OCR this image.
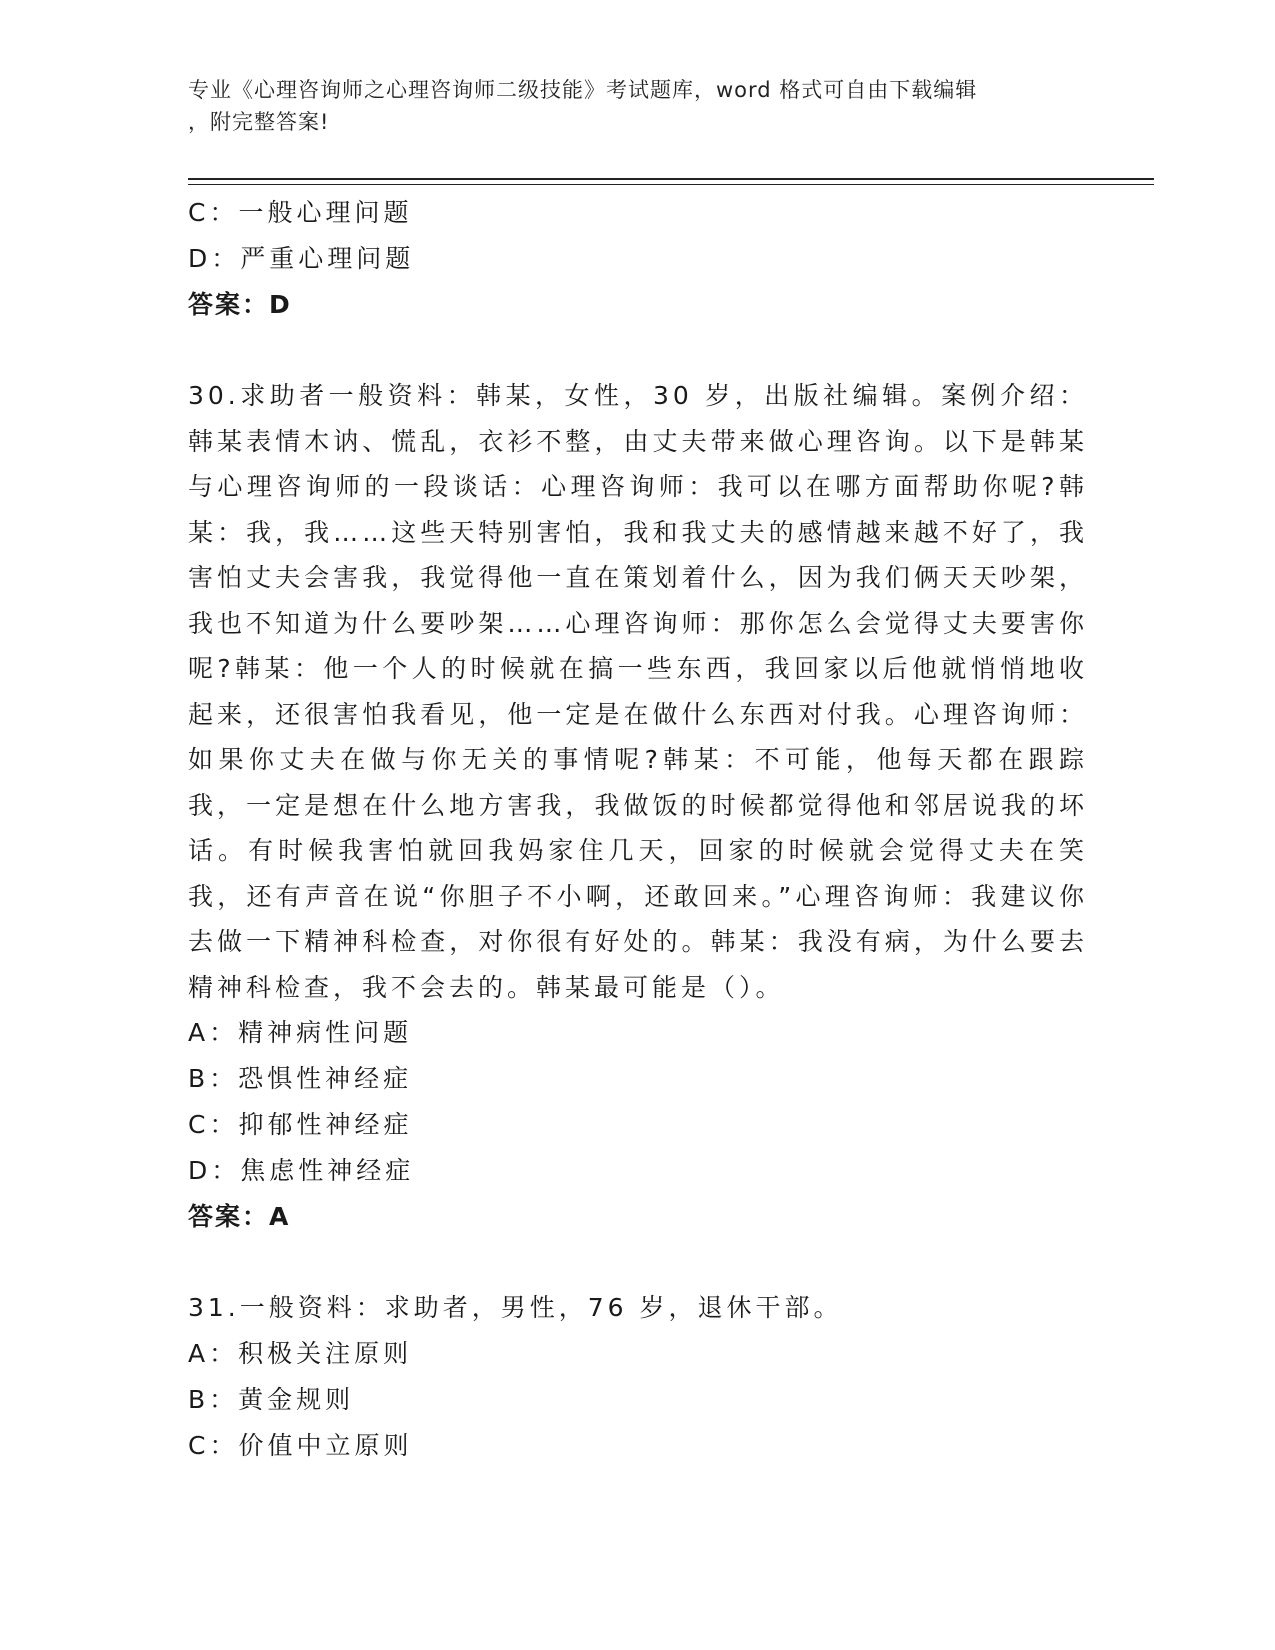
专业《心理咨询师之心理咨询师二级技能》考试题库，word 格式可自由下载编辑
，附完整答案!

C：一般心理问题

D：严重心理问题

答案：D

30.求助者一般资料：韩某，女性，30 岁，出版社编辑。案例介绍：韩某表情木讷、慌乱，衣衫不整，由丈夫带来做心理咨询。以下是韩某与心理咨询师的一段谈话：心理咨询师：我可以在哪方面帮助你呢?韩某：我，我……这些天特别害怕，我和我丈夫的感情越来越不好了，我害怕丈夫会害我，我觉得他一直在策划着什么，因为我们俩天天吵架，我也不知道为什么要吵架……心理咨询师：那你怎么会觉得丈夫要害你呢?韩某：他一个人的时候就在搞一些东西，我回家以后他就悄悄地收起来，还很害怕我看见，他一定是在做什么东西对付我。心理咨询师：如果你丈夫在做与你无关的事情呢?韩某：不可能，他每天都在跟踪我，一定是想在什么地方害我，我做饭的时候都觉得他和邻居说我的坏话。有时候我害怕就回我妈家住几天，回家的时候就会觉得丈夫在笑我，还有声音在说“你胆子不小啊，还敢回来。”心理咨询师：我建议你去做一下精神科检查，对你很有好处的。韩某：我没有病，为什么要去精神科检查，我不会去的。韩某最可能是（）。

A：精神病性问题

B：恐惧性神经症

C：抑郁性神经症

D：焦虑性神经症

答案：A

31.一般资料：求助者，男性，76 岁，退休干部。

A：积极关注原则

B：黄金规则

C：价值中立原则
